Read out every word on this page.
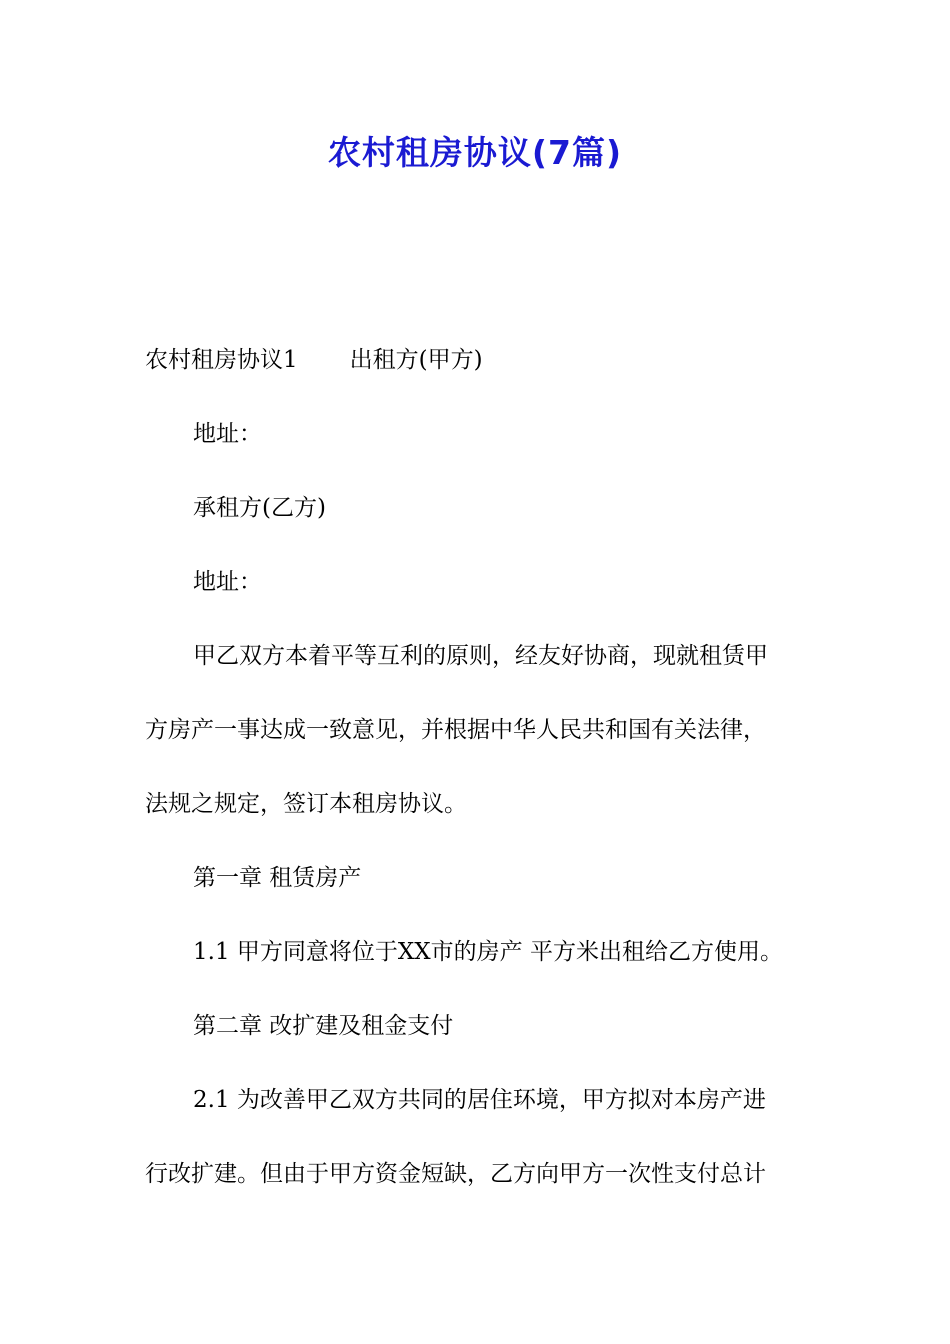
农村租房协议(7篇)
农村租房协议1 出租方(甲方)
地址：
承租方(乙方)
地址：
甲乙双方本着平等互利的原则，经友好协商，现就租赁甲
方房产一事达成一致意见，并根据中华人民共和国有关法律，
法规之规定，签订本租房协议。
第一章 租赁房产
1.1 甲方同意将位于XX市的房产 平方米出租给乙方使用。
第二章 改扩建及租金支付
2.1 为改善甲乙双方共同的居住环境，甲方拟对本房产进
行改扩建。但由于甲方资金短缺，乙方向甲方一次性支付总计
